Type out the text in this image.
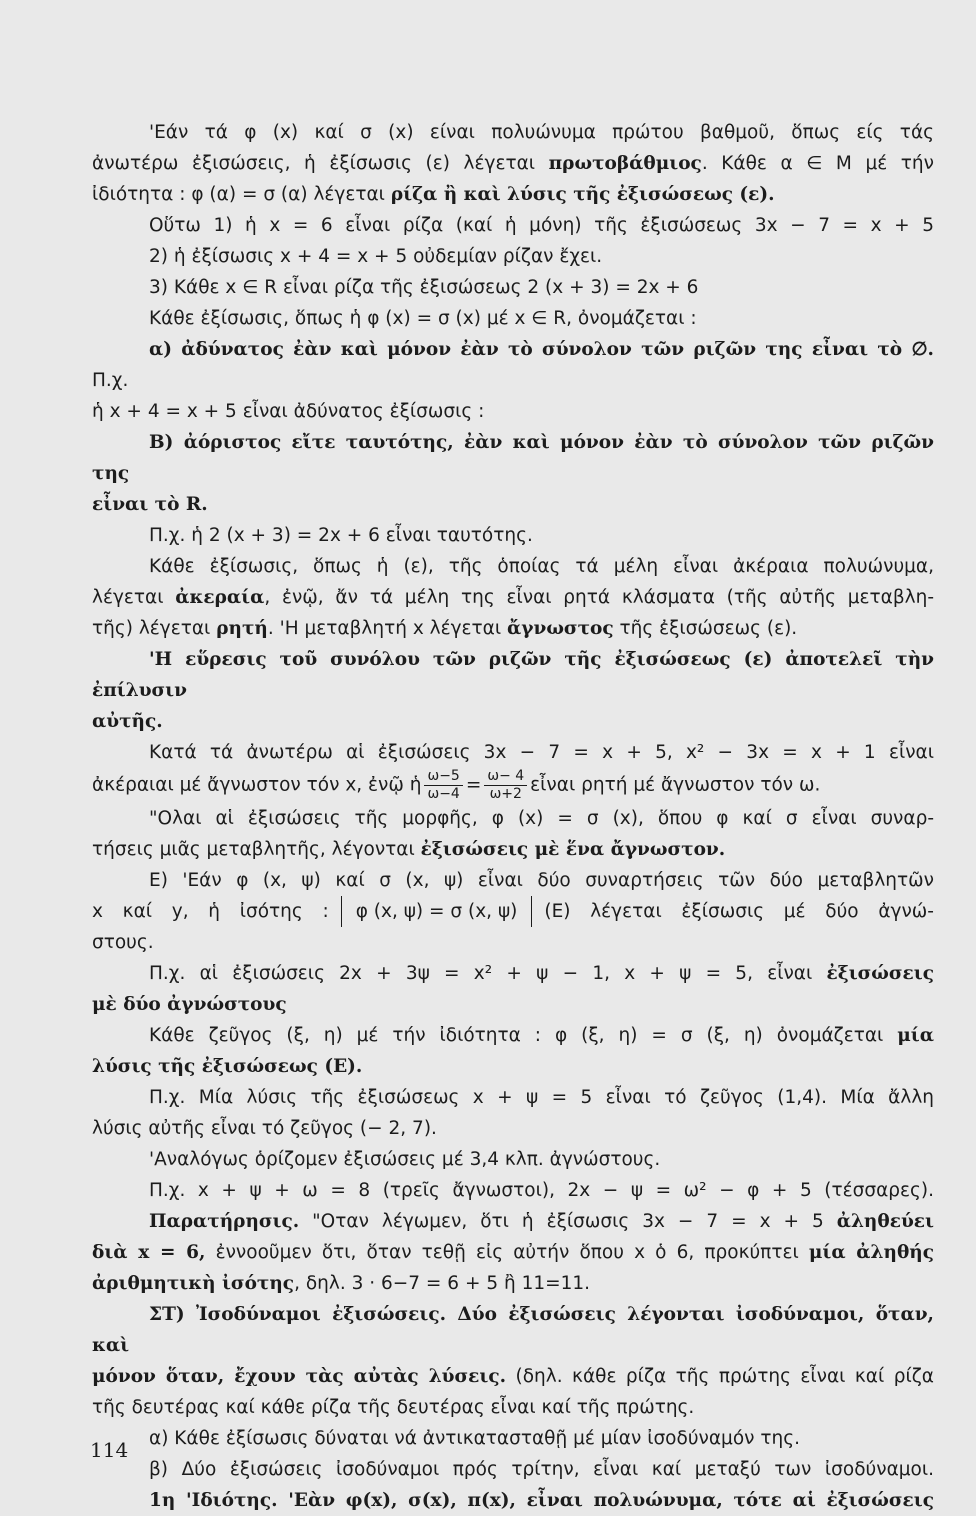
'Εάν τά φ (x) καί σ (x) είναι πολυώνυμα πρώτου βαθμοῦ, ὅπως είς τάς

ἀνωτέρω ἐξισώσεις, ἡ ἐξίσωσις (ε) λέγεται πρωτοβάθμιος. Κάθε α ∈ Μ μέ τήν

ἰδιότητα : φ (α) = σ (α) λέγεται ρίζα ἢ καὶ λύσις τῆς ἐξισώσεως (ε).

Οὕτω 1) ἡ x = 6 εἶναι ρίζα (καί ἡ μόνη) τῆς ἐξισώσεως 3x − 7 = x + 5

2) ἡ ἐξίσωσις x + 4 = x + 5 οὐδεμίαν ρίζαν ἔχει.

3) Κάθε x ∈ R εἶναι ρίζα τῆς ἐξισώσεως 2 (x + 3) = 2x + 6

Κάθε ἐξίσωσις, ὅπως ἡ φ (x) = σ (x) μέ x ∈ R, ὀνομάζεται :

α) ἀδύνατος ἐὰν καὶ μόνον ἐὰν τὸ σύνολον τῶν ριζῶν της εἶναι τὸ ∅. Π.χ.

ἡ x + 4 = x + 5 εἶναι ἀδύνατος ἐξίσωσις :

Β) ἀόριστος εἴτε ταυτότης, ἐὰν καὶ μόνον ἐὰν τὸ σύνολον τῶν ριζῶν της

εἶναι τὸ R.

Π.χ. ἡ 2 (x + 3) = 2x + 6 εἶναι ταυτότης.

Κάθε ἐξίσωσις, ὅπως ἡ (ε), τῆς ὁποίας τά μέλη εἶναι ἀκέραια πολυώνυμα,

λέγεται ἀκεραία, ἐνῷ, ἄν τά μέλη της εἶναι ρητά κλάσματα (τῆς αὐτῆς μεταβλη-

τῆς) λέγεται ρητή. 'Η μεταβλητή x λέγεται ἄγνωστος τῆς ἐξισώσεως (ε).

'Η εὕρεσις τοῦ συνόλου τῶν ριζῶν τῆς ἐξισώσεως (ε) ἀποτελεῖ τὴν ἐπίλυσιν

αὐτῆς.

Κατά τά ἀνωτέρω αἱ ἐξισώσεις 3x − 7 = x + 5, x² − 3x = x + 1 εἶναι

ἀκέραιαι μέ ἄγνωστον τόν x, ἐνῷ ἡ $\frac{\omega-5}{\omega-4} = \frac{\omega- 4}{\omega+2}$ εἶναι ρητή μέ ἄγνωστον τόν ω.

"Ολαι αἱ ἐξισώσεις τῆς μορφῆς, φ (x) = σ (x), ὅπου φ καί σ εἶναι συναρ-

τήσεις μιᾶς μεταβλητῆς, λέγονται ἐξισώσεις μὲ ἕνα ἄγνωστον.

Ε) 'Εάν φ (x, ψ) καί σ (x, ψ) εἶναι δύο συναρτήσεις τῶν δύο μεταβλητῶν

x καί y, ἡ ἰσότης : φ (x, ψ) = σ (x, ψ) (Ε) λέγεται ἐξίσωσις μέ δύο ἀγνώ-

στους.

Π.χ. αἱ ἐξισώσεις 2x + 3ψ = x² + ψ − 1, x + ψ = 5, εἶναι ἐξισώσεις

μὲ δύο ἀγνώστους

Κάθε ζεῦγος (ξ, η) μέ τήν ἰδιότητα : φ (ξ, η) = σ (ξ, η) ὀνομάζεται μία

λύσις τῆς ἐξισώσεως (Ε).

Π.χ. Μία λύσις τῆς ἐξισώσεως x + ψ = 5 εἶναι τό ζεῦγος (1,4). Μία ἄλλη

λύσις αὐτῆς εἶναι τό ζεῦγος (− 2, 7).

'Αναλόγως ὁρίζομεν ἐξισώσεις μέ 3,4 κλπ. ἀγνώστους.

Π.χ. x + ψ + ω = 8 (τρεῖς ἄγνωστοι), 2x − ψ = ω² − φ + 5 (τέσσαρες).

Παρατήρησις. "Οταν λέγωμεν, ὅτι ἡ ἐξίσωσις 3x − 7 = x + 5 ἀληθεύει

διὰ x = 6, ἐννοοῦμεν ὅτι, ὅταν τεθῇ εἰς αὐτήν ὅπου x ὁ 6, προκύπτει μία ἀληθής

ἀριθμητικὴ ἰσότης, δηλ. 3 · 6−7 = 6 + 5 ἢ 11=11.

ΣΤ) Ἰσοδύναμοι ἐξισώσεις. Δύο ἐξισώσεις λέγονται ἰσοδύναμοι, ὅταν, καὶ

μόνον ὅταν, ἔχουν τὰς αὐτὰς λύσεις. (δηλ. κάθε ρίζα τῆς πρώτης εἶναι καί ρίζα

τῆς δευτέρας καί κάθε ρίζα τῆς δευτέρας εἶναι καί τῆς πρώτης.

α) Κάθε ἐξίσωσις δύναται νά ἀντικατασταθῇ μέ μίαν ἰσοδύναμόν της.

β) Δύο ἐξισώσεις ἰσοδύναμοι πρός τρίτην, εἶναι καί μεταξύ των ἰσοδύναμοι.

1η 'Ιδιότης. 'Εὰν φ(x), σ(x), π(x), εἶναι πολυώνυμα, τότε αἱ ἐξισώσεις

114
